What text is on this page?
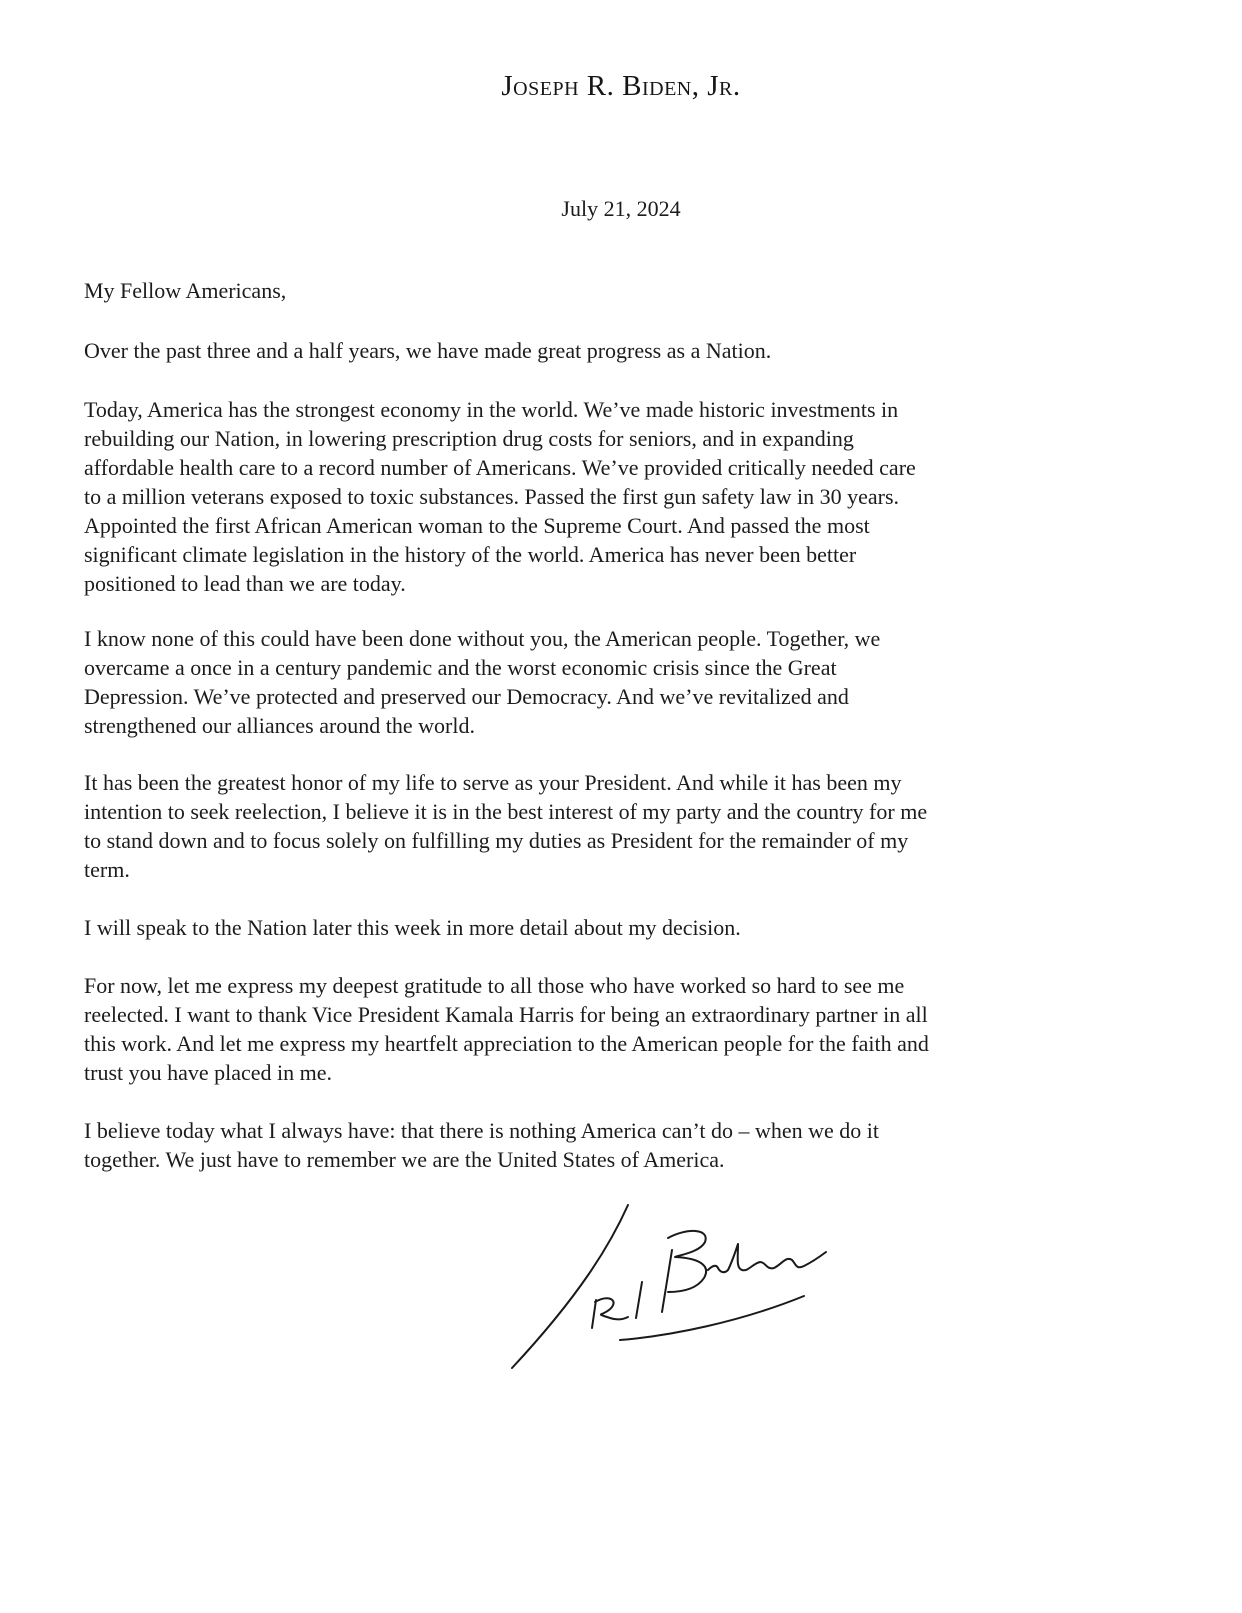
Joseph R. Biden, Jr.
July 21, 2024

My Fellow Americans,

Over the past three and a half years, we have made great progress as a Nation.

Today, America has the strongest economy in the world. We’ve made historic investments in
rebuilding our Nation, in lowering prescription drug costs for seniors, and in expanding
affordable health care to a record number of Americans. We’ve provided critically needed care
to a million veterans exposed to toxic substances. Passed the first gun safety law in 30 years.
Appointed the first African American woman to the Supreme Court. And passed the most
significant climate legislation in the history of the world. America has never been better
positioned to lead than we are today.

I know none of this could have been done without you, the American people. Together, we
overcame a once in a century pandemic and the worst economic crisis since the Great
Depression. We’ve protected and preserved our Democracy. And we’ve revitalized and
strengthened our alliances around the world.

It has been the greatest honor of my life to serve as your President. And while it has been my
intention to seek reelection, I believe it is in the best interest of my party and the country for me
to stand down and to focus solely on fulfilling my duties as President for the remainder of my
term.

I will speak to the Nation later this week in more detail about my decision.

For now, let me express my deepest gratitude to all those who have worked so hard to see me
reelected. I want to thank Vice President Kamala Harris for being an extraordinary partner in all
this work. And let me express my heartfelt appreciation to the American people for the faith and
trust you have placed in me.

I believe today what I always have: that there is nothing America can’t do – when we do it
together. We just have to remember we are the United States of America.
